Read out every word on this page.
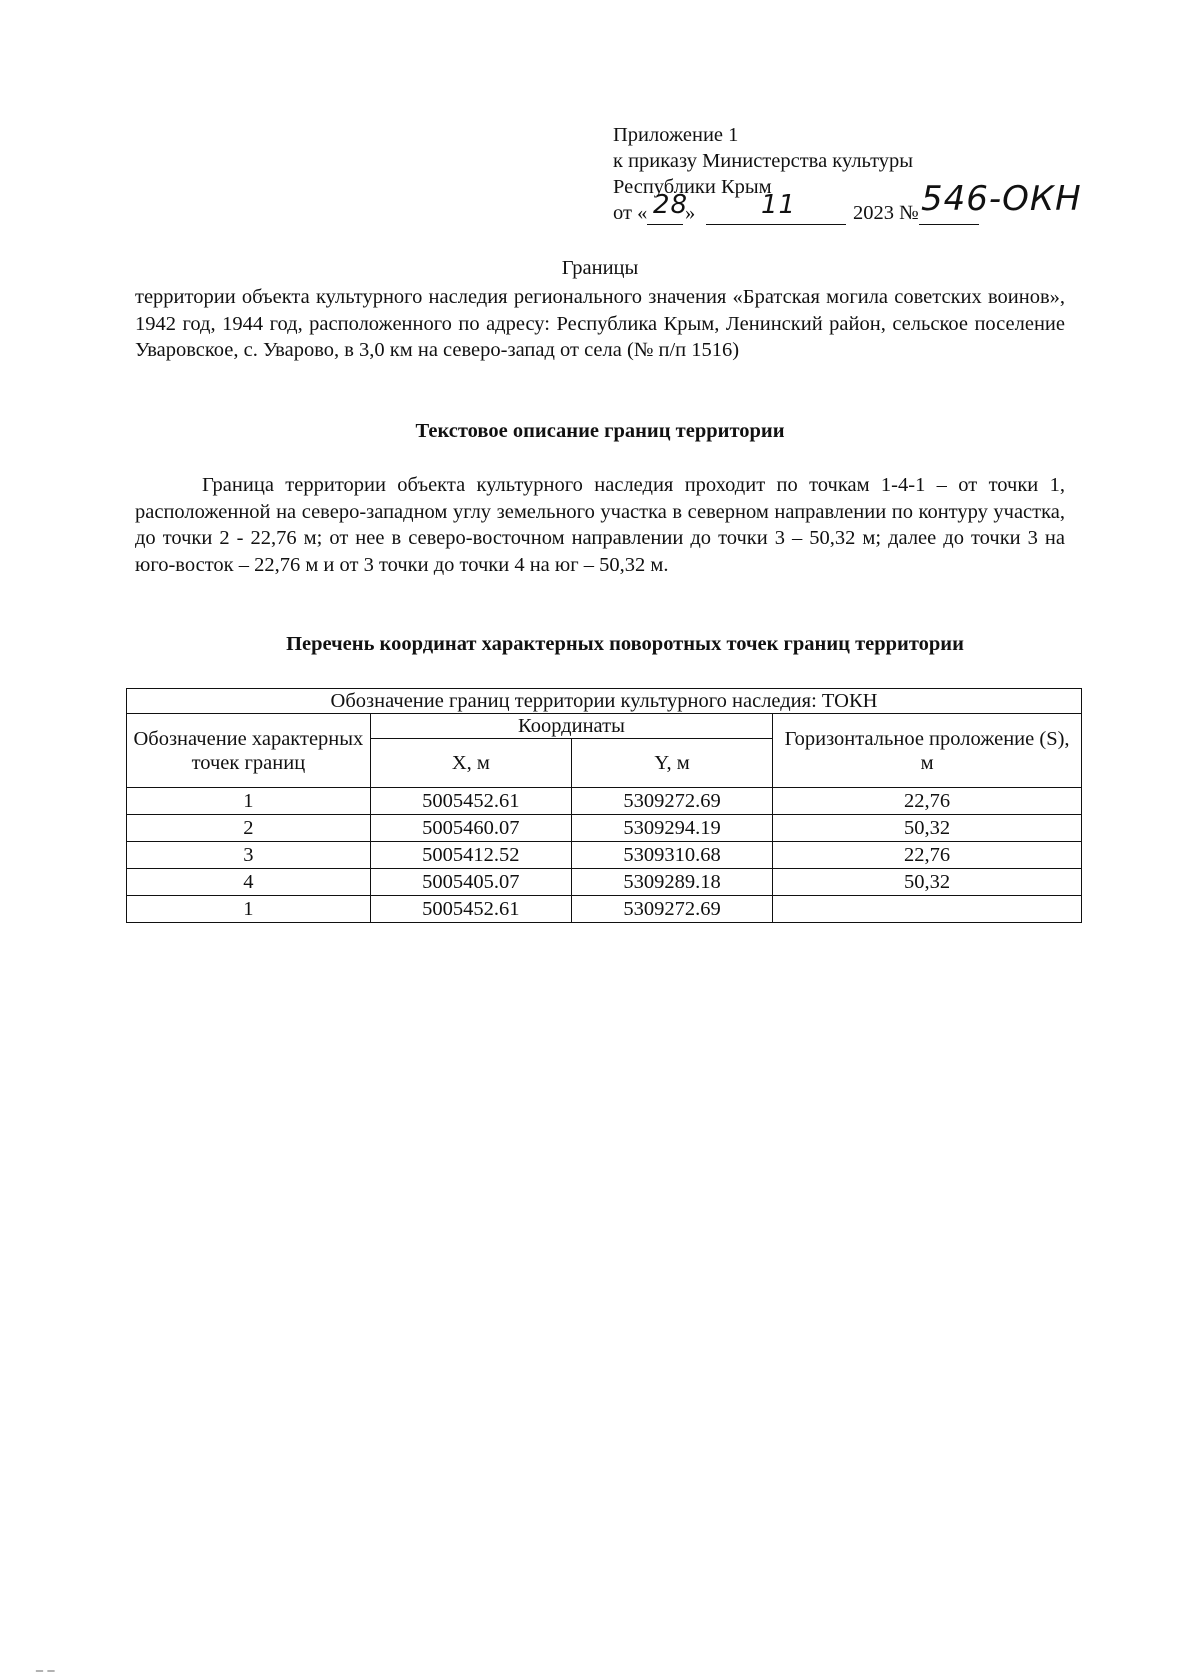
Приложение 1
к приказу Министерства культуры
Республики Крым
от « 28
»	11	2023 № 546-ОКН
Границы
территории объекта культурного наследия регионального значения «Братская могила советских воинов», 1942 год, 1944 год, расположенного по адресу: Республика Крым, Ленинский район, сельское поселение Уваровское, с. Уварово, в 3,0 км на северо-запад от села (№ п/п 1516)
Текстовое описание границ территории
Граница территории объекта культурного наследия проходит по точкам 1-4-1 – от точки 1, расположенной на северо-западном углу земельного участка в северном направлении по контуру участка, до точки 2 - 22,76 м; от нее в северо-восточном направлении до точки 3 – 50,32 м; далее до точки 3 на юго-восток – 22,76 м и от 3 точки до точки 4 на юг – 50,32 м.
Перечень координат характерных поворотных точек границ территории
Обозначение границ территории культурного наследия: ТОКН			
Обозначение характерных точек границ	Координаты		Горизонтальное проложение (S), м
	X, м	Y, м	
1	5005452.61	5309272.69	22,76
2	5005460.07	5309294.19	50,32
3	5005412.52	5309310.68	22,76
4	5005405.07	5309289.18	50,32
1	5005452.61	5309272.69	
_ _
